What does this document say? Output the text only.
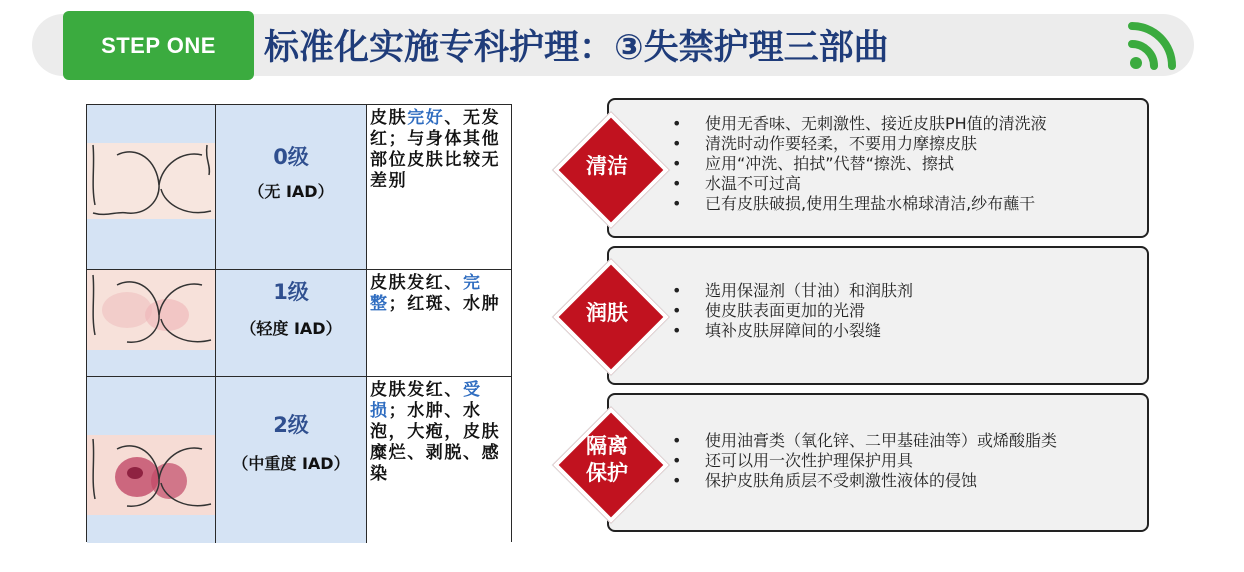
STEP ONE	标准化实施专科护理：③失禁护理三部曲
0级
（无 IAD）
皮肤完好、无发红；与身体其他部位皮肤比较无差别
1级
（轻度 IAD）
皮肤发红、完整；红斑、水肿
2级
（中重度 IAD）
皮肤发红、受损；水肿、水泡，大疱，皮肤糜烂、剥脱、感染
• 使用无香味、无刺激性、接近皮肤PH值的清洗液
• 清洗时动作要轻柔，不要用力摩擦皮肤
• 应用“冲洗、拍拭”代替“擦洗、擦拭
• 水温不可过高
• 已有皮肤破损,使用生理盐水棉球清洁,纱布蘸干
清洁
• 选用保湿剂（甘油）和润肤剂
• 使皮肤表面更加的光滑
• 填补皮肤屏障间的小裂缝
润肤
• 使用油膏类（氧化锌、二甲基硅油等）或烯酸脂类
• 还可以用一次性护理保护用具
• 保护皮肤角质层不受刺激性液体的侵蚀
隔离
保护
